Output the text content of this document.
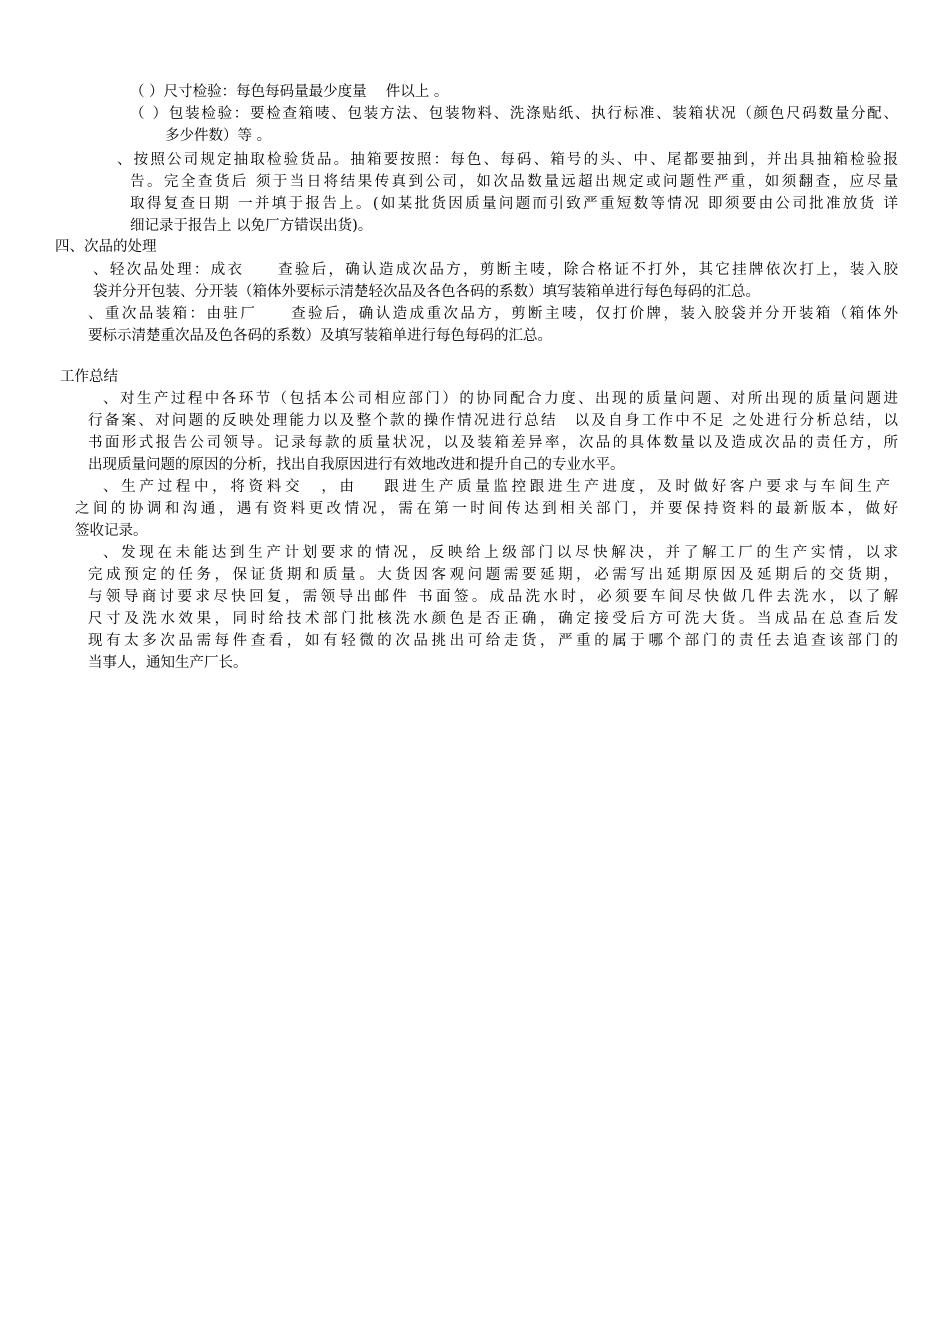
（ ）尺寸检验：每色每码量最少度量　 件以上 。
（ ）包装检验：要检查箱唛、包装方法、包装物料、洗涤贴纸、执行标准、装箱状况（颜色尺码数量分配、
多少件数）等 。
、按照公司规定抽取检验货品。抽箱要按照：每色、每码、箱号的头、中、尾都要抽到，并出具抽箱检验报
告。完全查货后 须于当日将结果传真到公司，如次品数量远超出规定或问题性严重，如须翻查，应尽量
取得复查日期 一并填于报告上。(如某批货因质量问题而引致严重短数等情况 即须要由公司批准放货 详
细记录于报告上 以免厂方错误出货)。
四、次品的处理
、轻次品处理：成衣　　查验后，确认造成次品方，剪断主唛，除合格证不打外，其它挂牌依次打上，装入胶
袋并分开包装、分开装（箱体外要标示清楚轻次品及各色各码的系数）填写装箱单进行每色每码的汇总。
、重次品装箱：由驻厂　　查验后，确认造成重次品方，剪断主唛，仅打价牌，装入胶袋并分开装箱（箱体外
要标示清楚重次品及色各码的系数）及填写装箱单进行每色每码的汇总。
工作总结
、对生产过程中各环节（包括本公司相应部门）的协同配合力度、出现的质量问题、对所出现的质量问题进
行备案、对问题的反映处理能力以及整个款的操作情况进行总结　以及自身工作中不足 之处进行分析总结，以
书面形式报告公司领导。记录每款的质量状况，以及装箱差异率，次品的具体数量以及造成次品的责任方，所
出现质量问题的原因的分析，找出自我原因进行有效地改进和提升自己的专业水平。
、生产过程中，将资料交　，由　 跟进生产质量监控跟进生产进度，及时做好客户要求与车间生产
之间的协调和沟通，遇有资料更改情况，需在第一时间传达到相关部门，并要保持资料的最新版本，做好
签收记录。
、发现在未能达到生产计划要求的情况，反映给上级部门以尽快解决，并了解工厂的生产实情，以求
完成预定的任务，保证货期和质量。大货因客观问题需要延期，必需写出延期原因及延期后的交货期，
与领导商讨要求尽快回复，需领导出邮件 书面签。成品洗水时，必须要车间尽快做几件去洗水，以了解
尺寸及洗水效果，同时给技术部门批核洗水颜色是否正确，确定接受后方可洗大货。当成品在总查后发
现有太多次品需每件查看，如有轻微的次品挑出可给走货，严重的属于哪个部门的责任去追查该部门的
当事人，通知生产厂长。
